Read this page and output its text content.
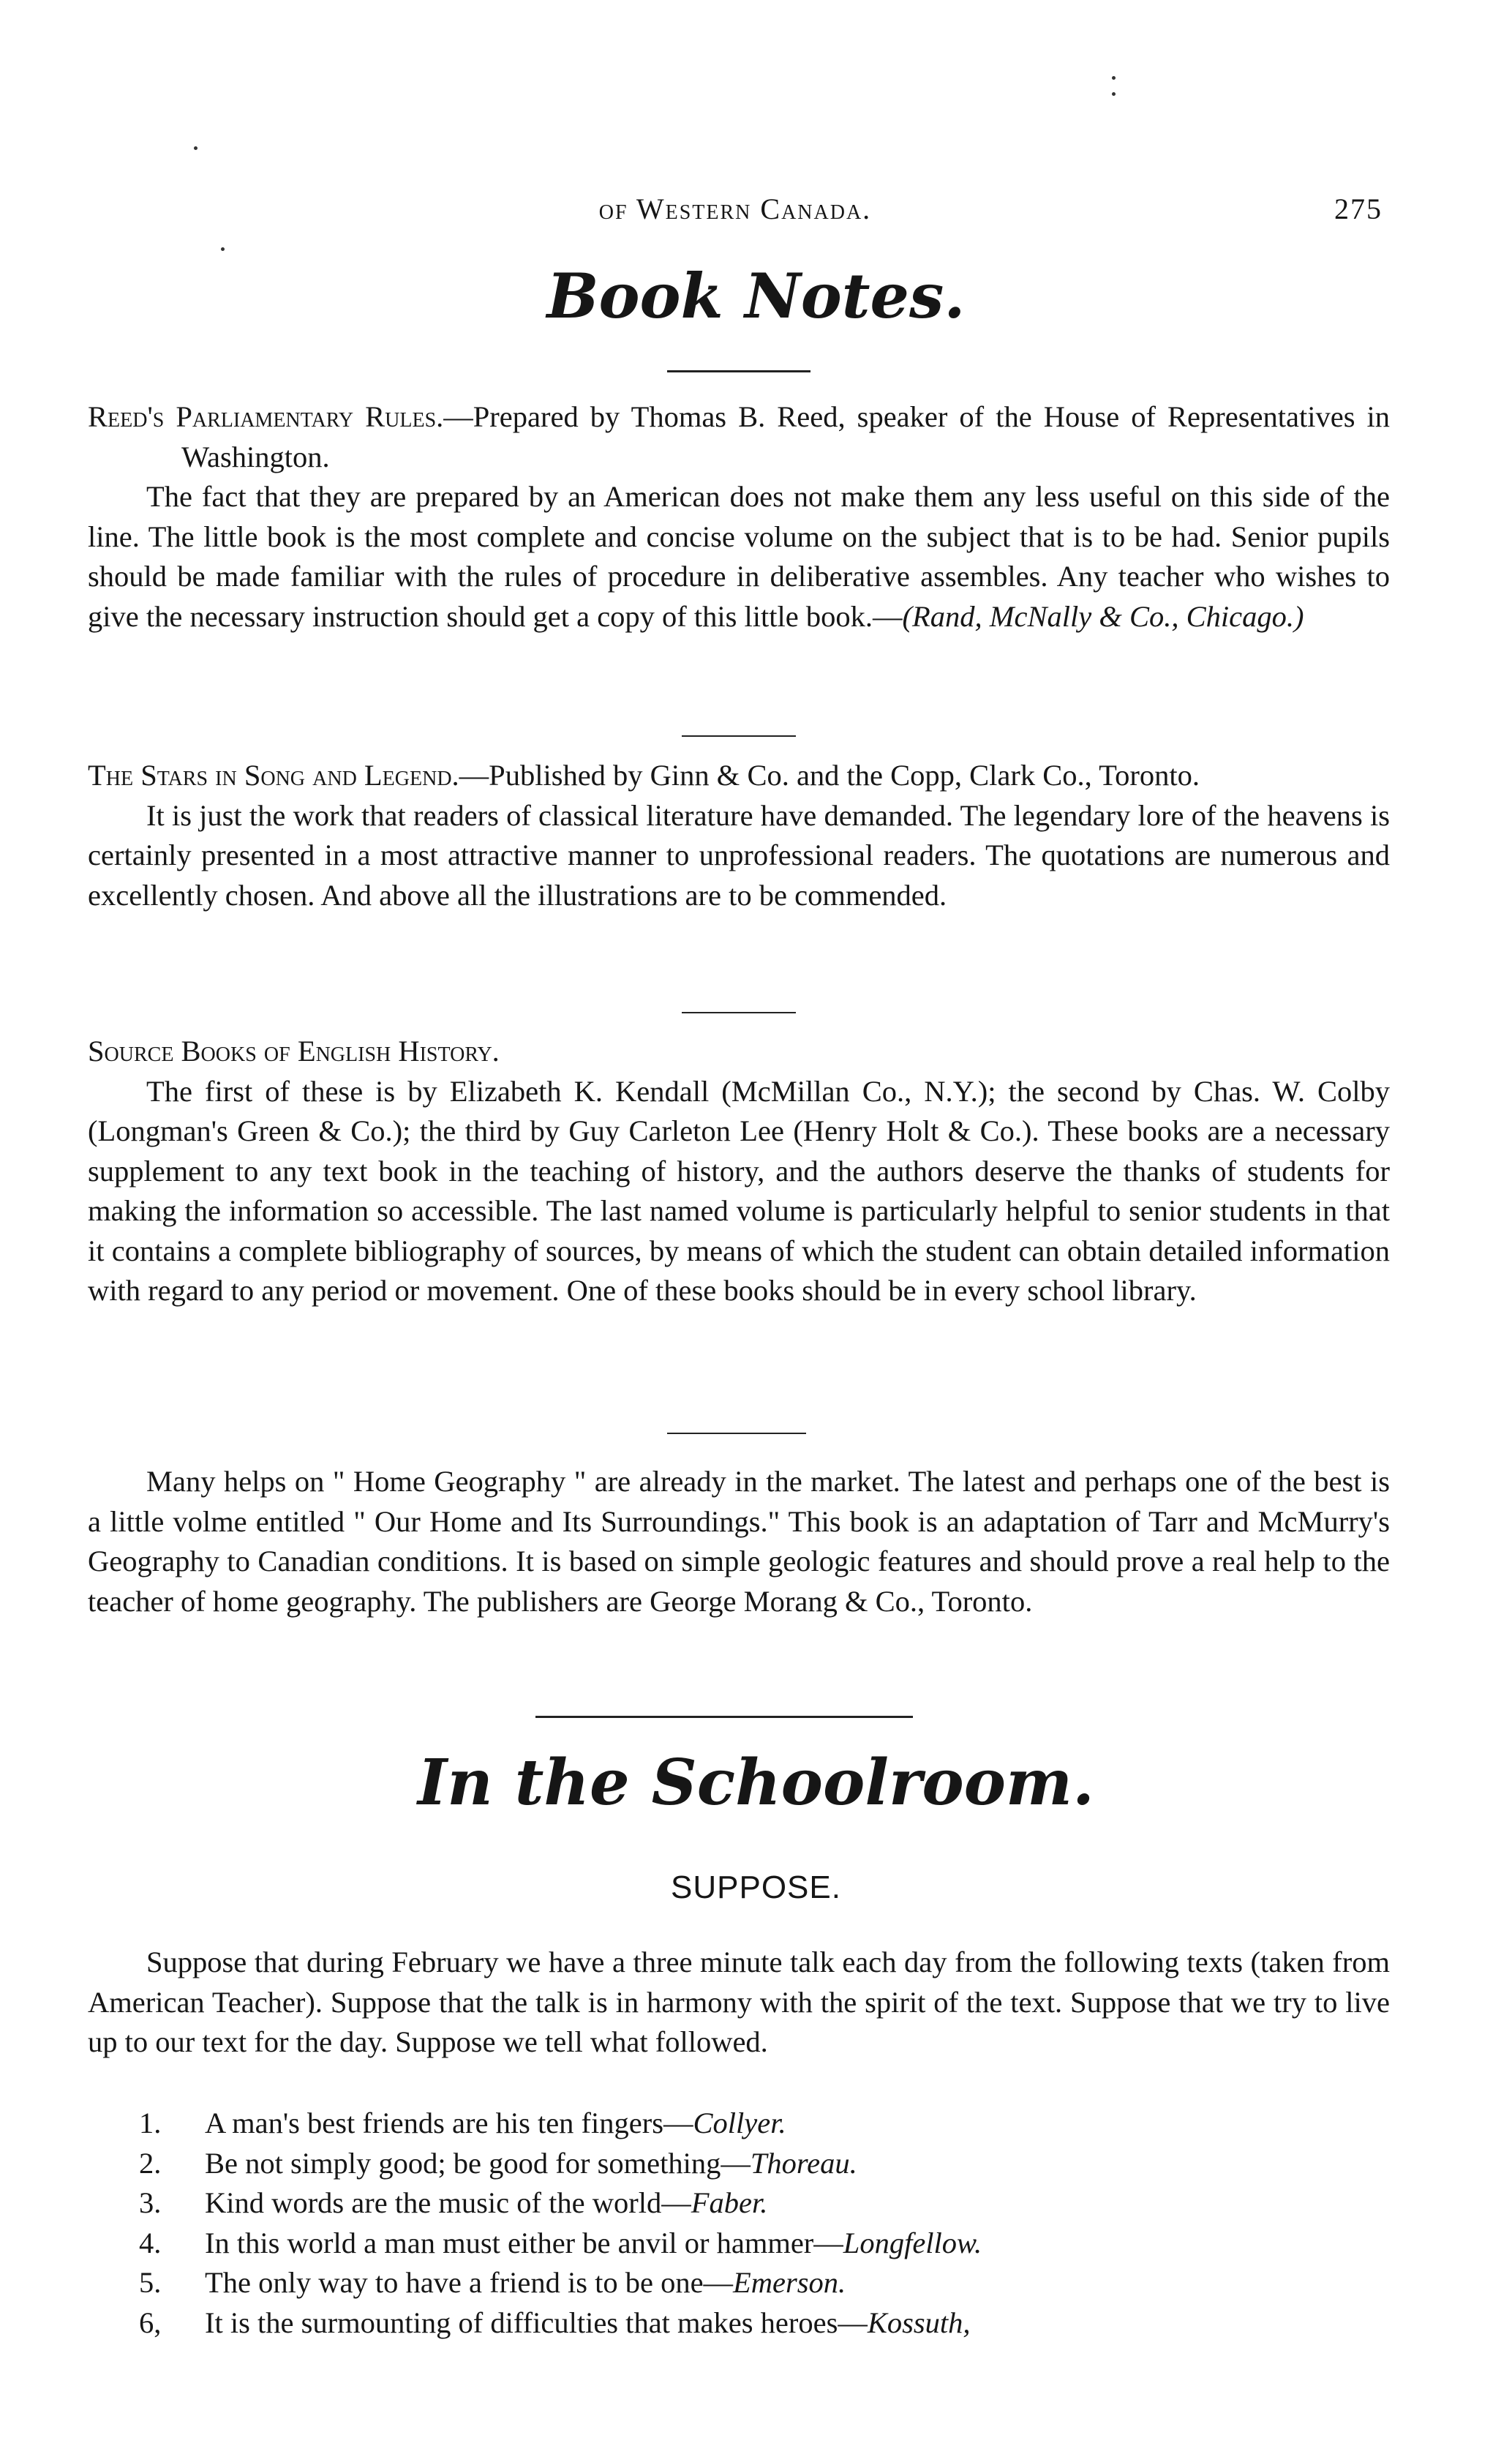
of Western Canada.	275
Book Notes.

Reed's Parliamentary Rules.—Prepared by Thomas B. Reed, speaker of the House of Representatives in Washington.

The fact that they are prepared by an American does not make them any less useful on this side of the line. The little book is the most complete and concise volume on the subject that is to be had. Senior pupils should be made familiar with the rules of procedure in deliberative assembles. Any teacher who wishes to give the necessary instruction should get a copy of this little book.—(Rand, McNally & Co., Chicago.)

The Stars in Song and Legend.—Published by Ginn & Co. and the Copp, Clark Co., Toronto.

It is just the work that readers of classical literature have demanded. The legendary lore of the heavens is certainly presented in a most attractive manner to unprofessional readers. The quotations are numerous and excellently chosen. And above all the illustrations are to be commended.

Source Books of English History.

The first of these is by Elizabeth K. Kendall (McMillan Co., N.Y.); the second by Chas. W. Colby (Longman's Green & Co.); the third by Guy Carleton Lee (Henry Holt & Co.). These books are a necessary supplement to any text book in the teaching of history, and the authors deserve the thanks of students for making the information so accessible. The last named volume is particularly helpful to senior students in that it contains a complete bibliography of sources, by means of which the student can obtain detailed information with regard to any period or movement. One of these books should be in every school library.

Many helps on " Home Geography " are already in the market. The latest and perhaps one of the best is a little volme entitled " Our Home and Its Surroundings." This book is an adaptation of Tarr and McMurry's Geography to Canadian conditions. It is based on simple geologic features and should prove a real help to the teacher of home geography. The publishers are George Morang & Co., Toronto.

In the Schoolroom.
SUPPOSE.

Suppose that during February we have a three minute talk each day from the following texts (taken from American Teacher). Suppose that the talk is in harmony with the spirit of the text. Suppose that we try to live up to our text for the day. Suppose we tell what followed.

1. A man's best friends are his ten fingers—Collyer.
2. Be not simply good; be good for something—Thoreau.
3. Kind words are the music of the world—Faber.
4. In this world a man must either be anvil or hammer—Longfellow.
5. The only way to have a friend is to be one—Emerson.
6, It is the surmounting of difficulties that makes heroes—Kossuth,
